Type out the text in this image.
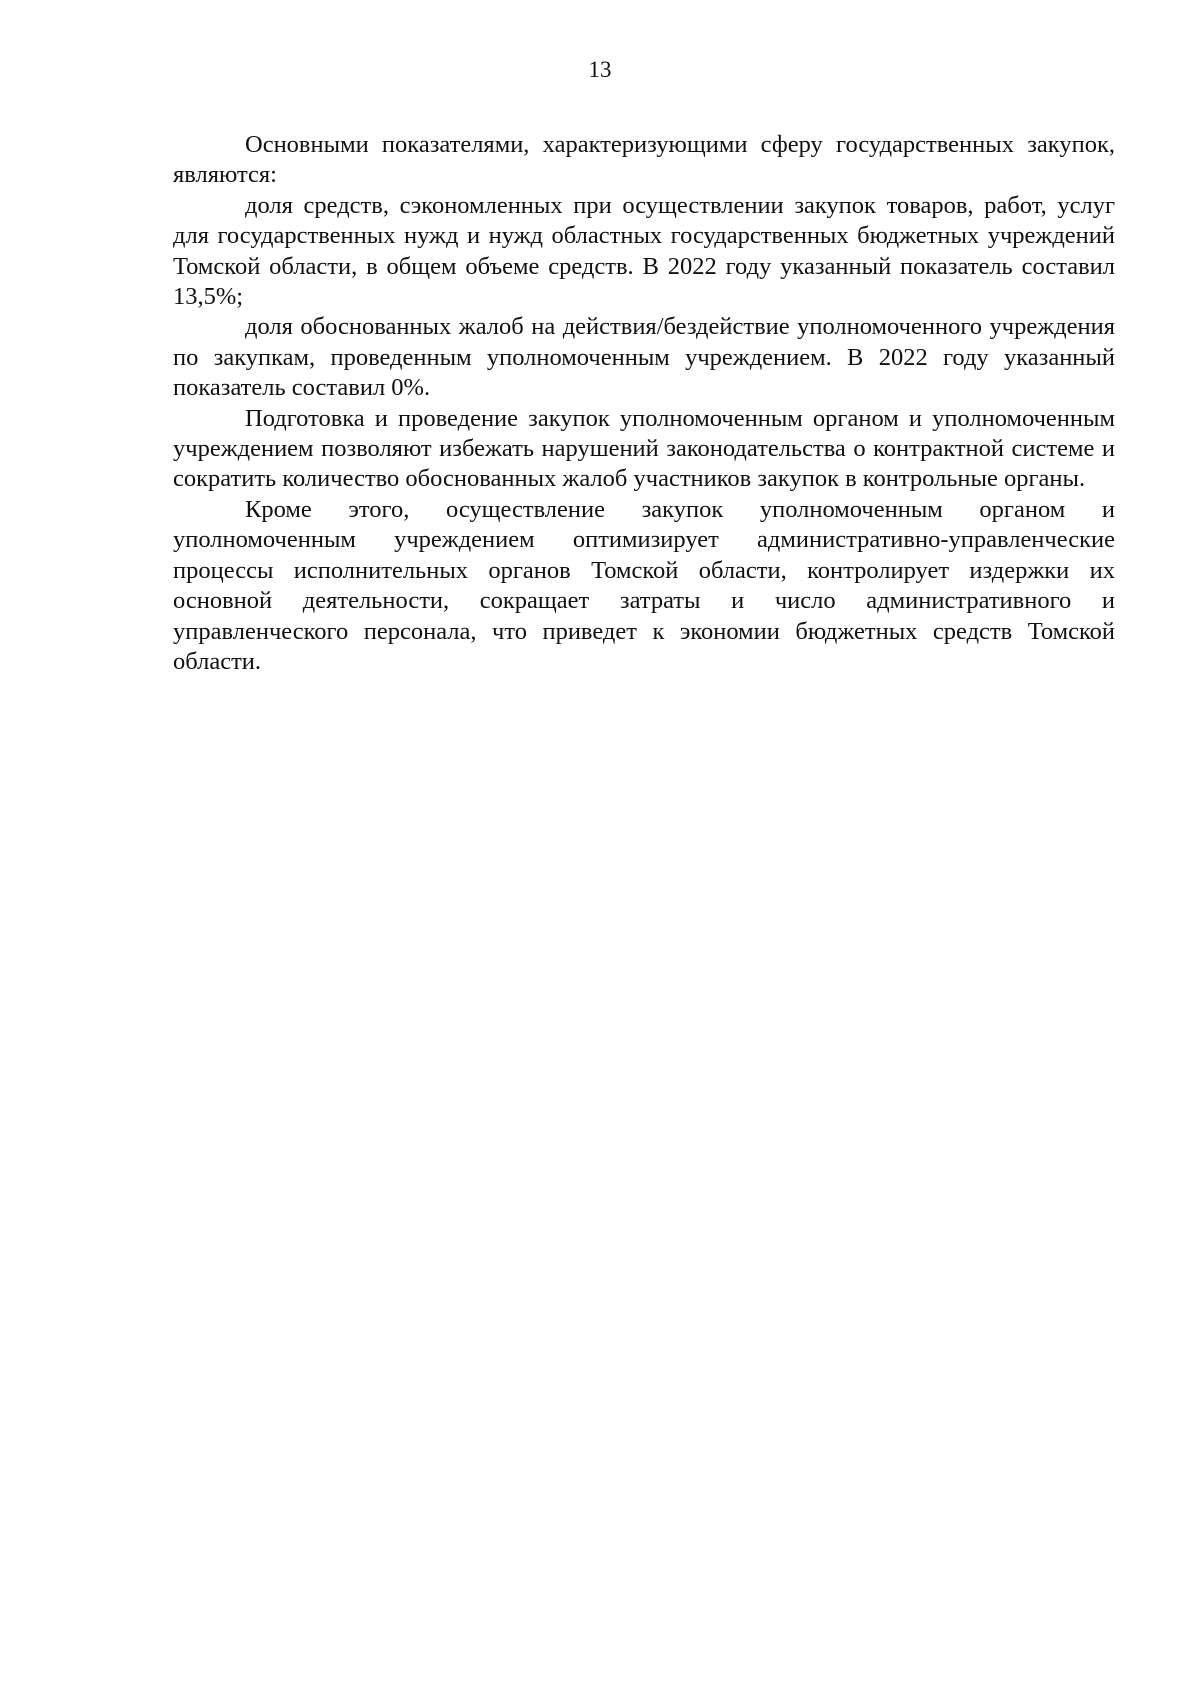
13

Основными показателями, характеризующими сферу государственных закупок, являются:

доля средств, сэкономленных при осуществлении закупок товаров, работ, услуг для государственных нужд и нужд областных государственных бюджетных учреждений Томской области, в общем объеме средств. В 2022 году указанный показатель составил 13,5%;

доля обоснованных жалоб на действия/бездействие уполномоченного учреждения по закупкам, проведенным уполномоченным учреждением. В 2022 году указанный показатель составил 0%.

Подготовка и проведение закупок уполномоченным органом и уполномоченным учреждением позволяют избежать нарушений законодательства о контрактной системе и сократить количество обоснованных жалоб участников закупок в контрольные органы.

Кроме этого, осуществление закупок уполномоченным органом и уполномоченным учреждением оптимизирует административно-управленческие процессы исполнительных органов Томской области, контролирует издержки их основной деятельности, сокращает затраты и число административного и управленческого персонала, что приведет к экономии бюджетных средств Томской области.
